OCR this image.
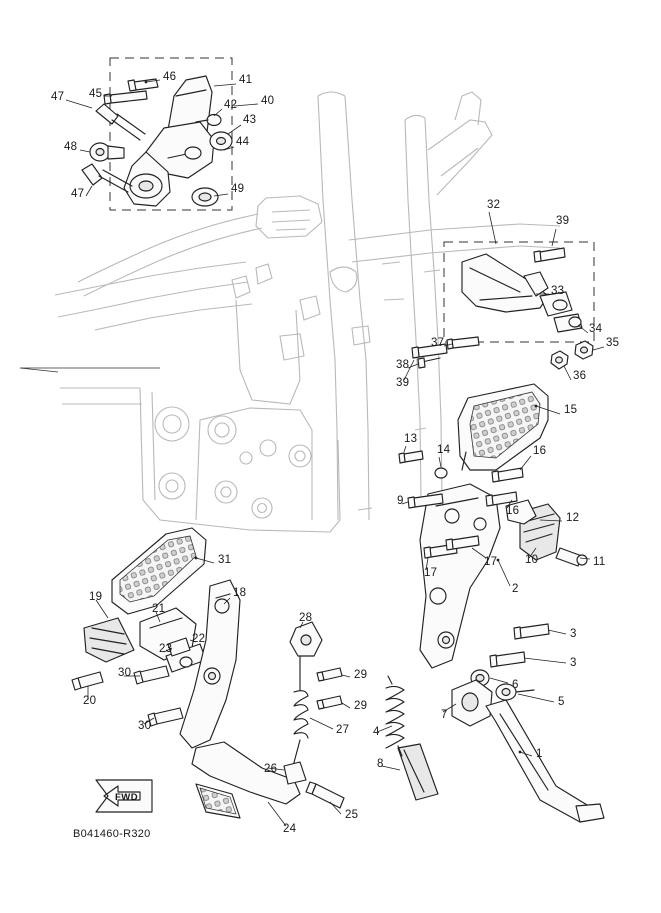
46	41
45
40
47
42
43
48	44
47	49
32
39
33
34
37	35
38
36
39
15
13
14	16
9
16
12
31
17
17 10	11
2
19	18
21
28
22	3
23
3
29
6
20
30
29	5
27 4
7
30
26	8
1
25
24
FWD
B041460-R320
